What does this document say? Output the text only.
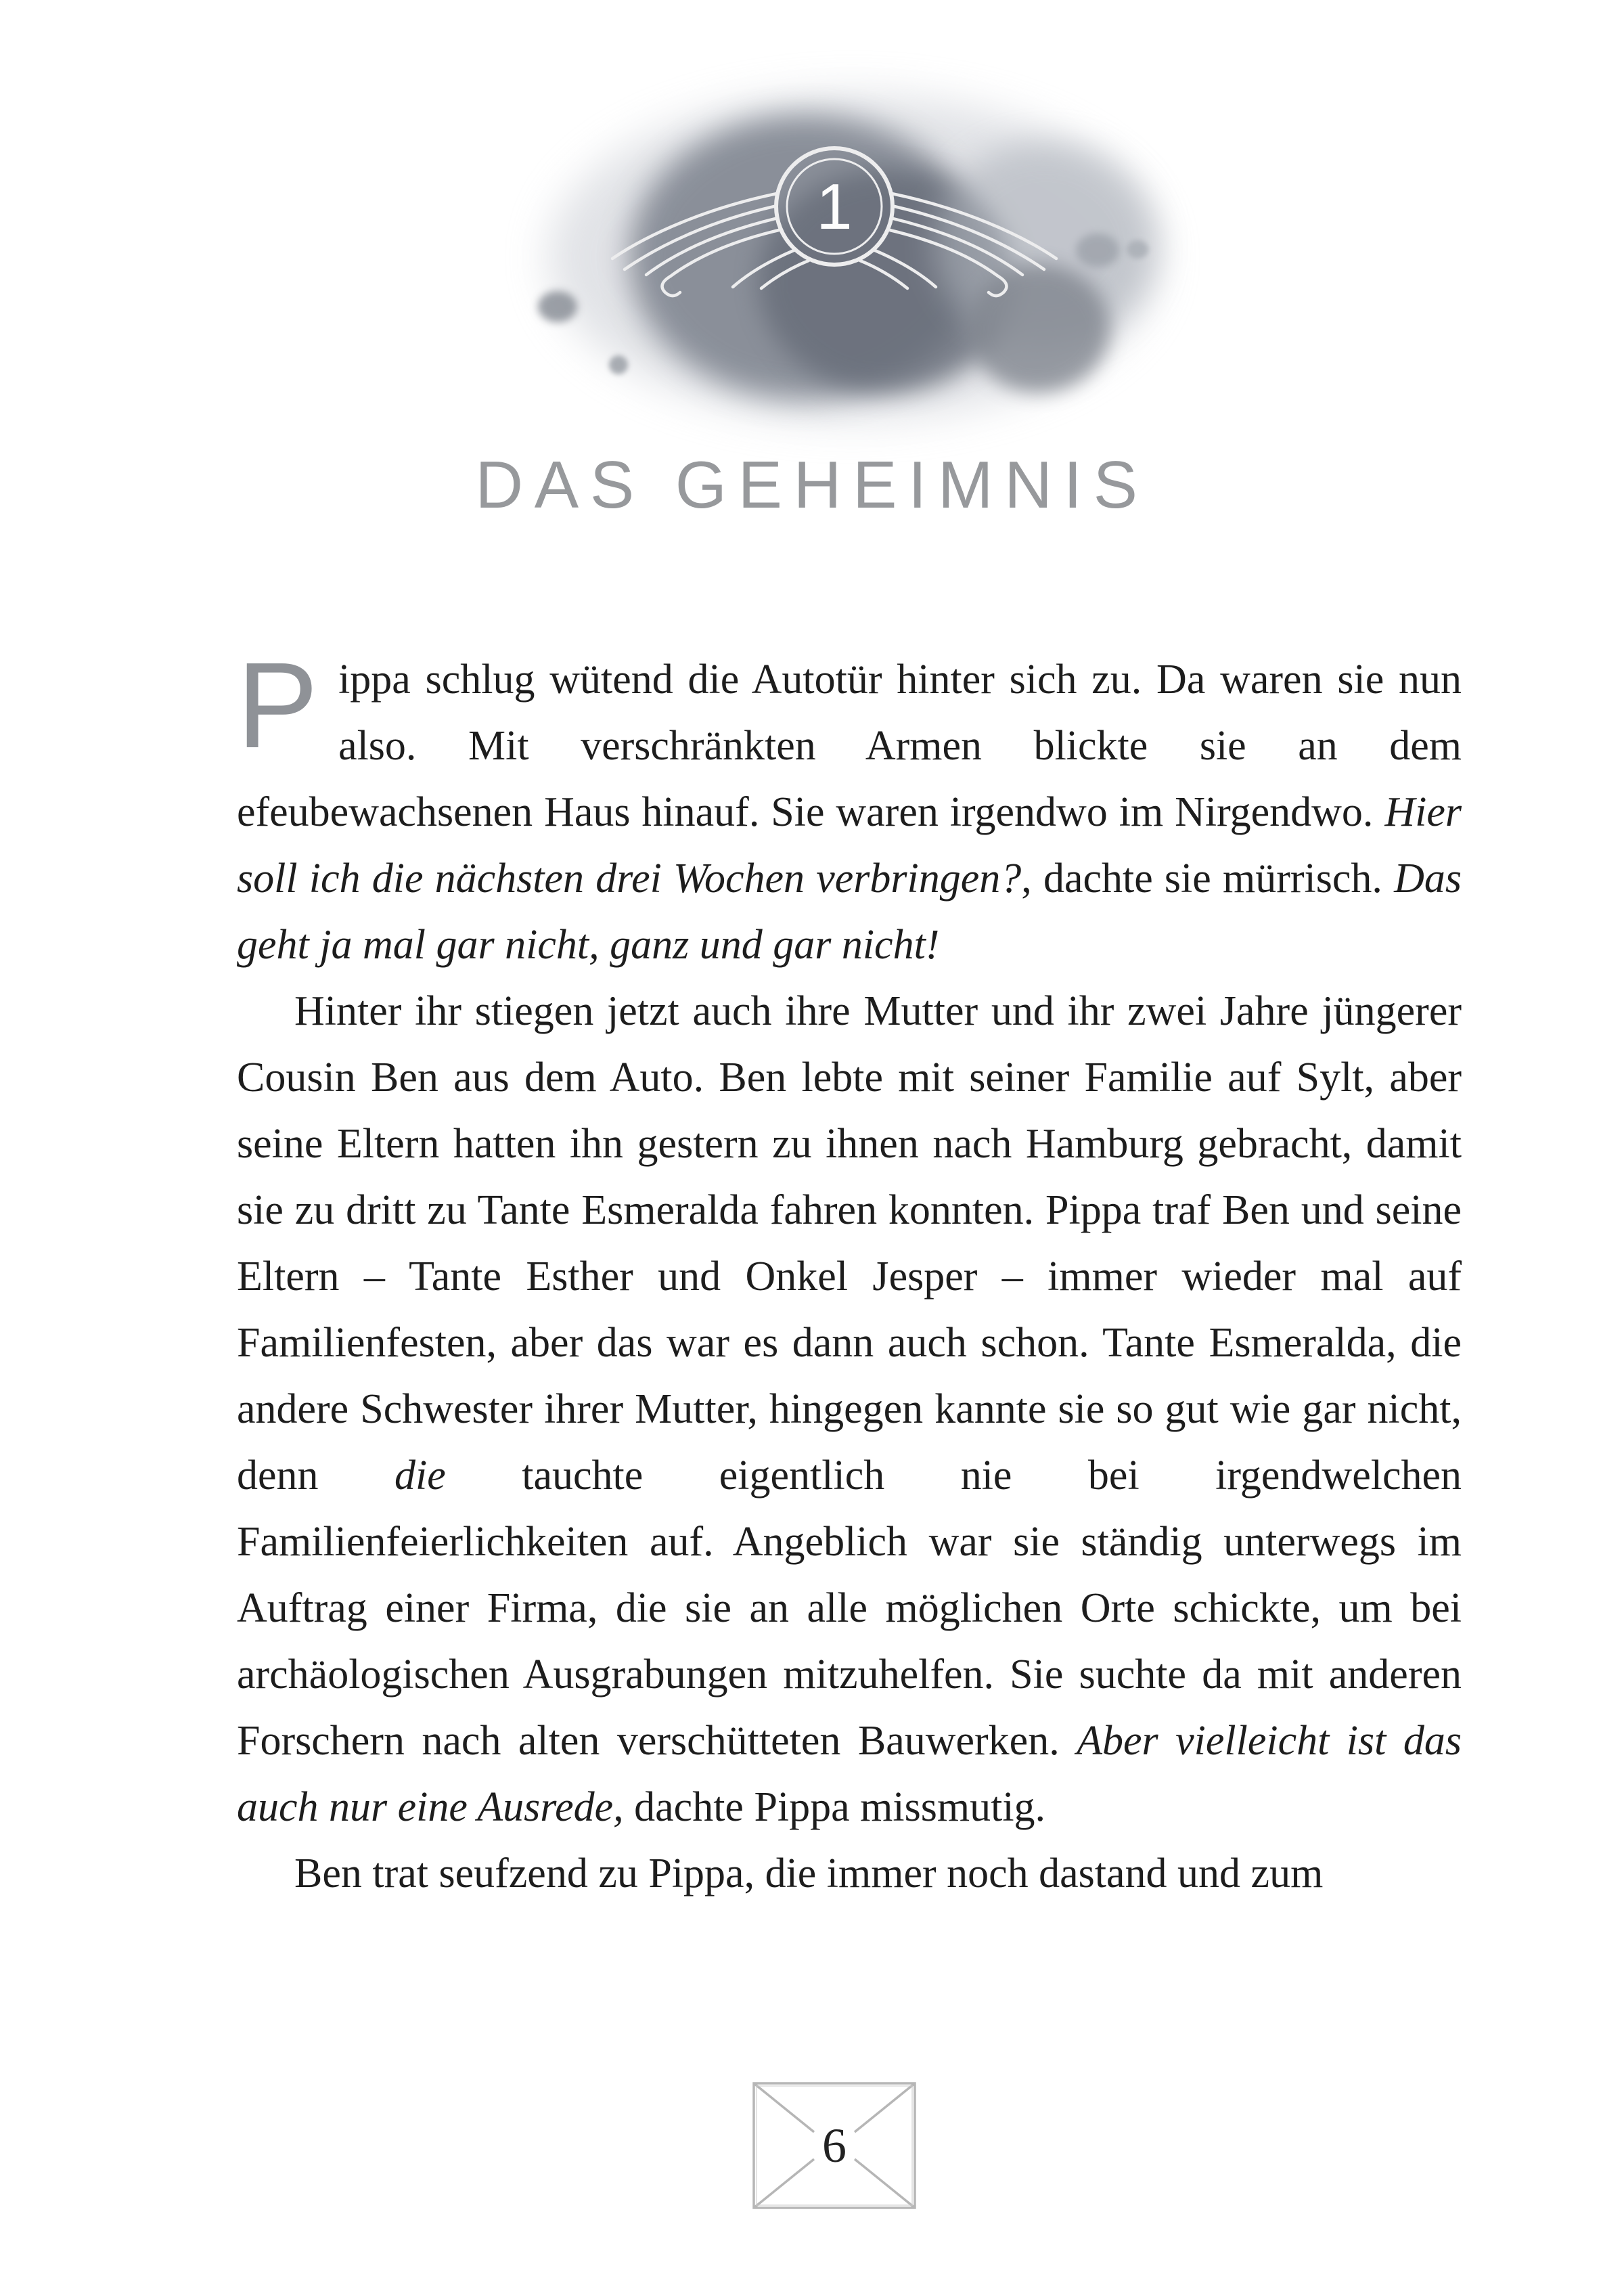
1
DAS GEHEIMNIS

Pippa schlug wütend die Autotür hinter sich zu. Da waren sie nun also. Mit verschränkten Armen blickte sie an dem efeubewachsenen Haus hinauf. Sie waren irgendwo im Nirgendwo. Hier soll ich die nächsten drei Wochen verbringen?, dachte sie mürrisch. Das geht ja mal gar nicht, ganz und gar nicht!

Hinter ihr stiegen jetzt auch ihre Mutter und ihr zwei Jahre jüngerer Cousin Ben aus dem Auto. Ben lebte mit seiner Familie auf Sylt, aber seine Eltern hatten ihn gestern zu ihnen nach Hamburg gebracht, damit sie zu dritt zu Tante Esmeralda fahren konnten. Pippa traf Ben und seine Eltern – Tante Esther und Onkel Jesper – immer wieder mal auf Familienfesten, aber das war es dann auch schon. Tante Esmeralda, die andere Schwester ihrer Mutter, hingegen kannte sie so gut wie gar nicht, denn die tauchte eigentlich nie bei irgendwelchen Familienfeierlichkeiten auf. Angeblich war sie ständig unterwegs im Auftrag einer Firma, die sie an alle möglichen Orte schickte, um bei archäologischen Ausgrabungen mitzuhelfen. Sie suchte da mit anderen Forschern nach alten verschütteten Bauwerken. Aber vielleicht ist das auch nur eine Ausrede, dachte Pippa missmutig.

Ben trat seufzend zu Pippa, die immer noch dastand und zum

6
